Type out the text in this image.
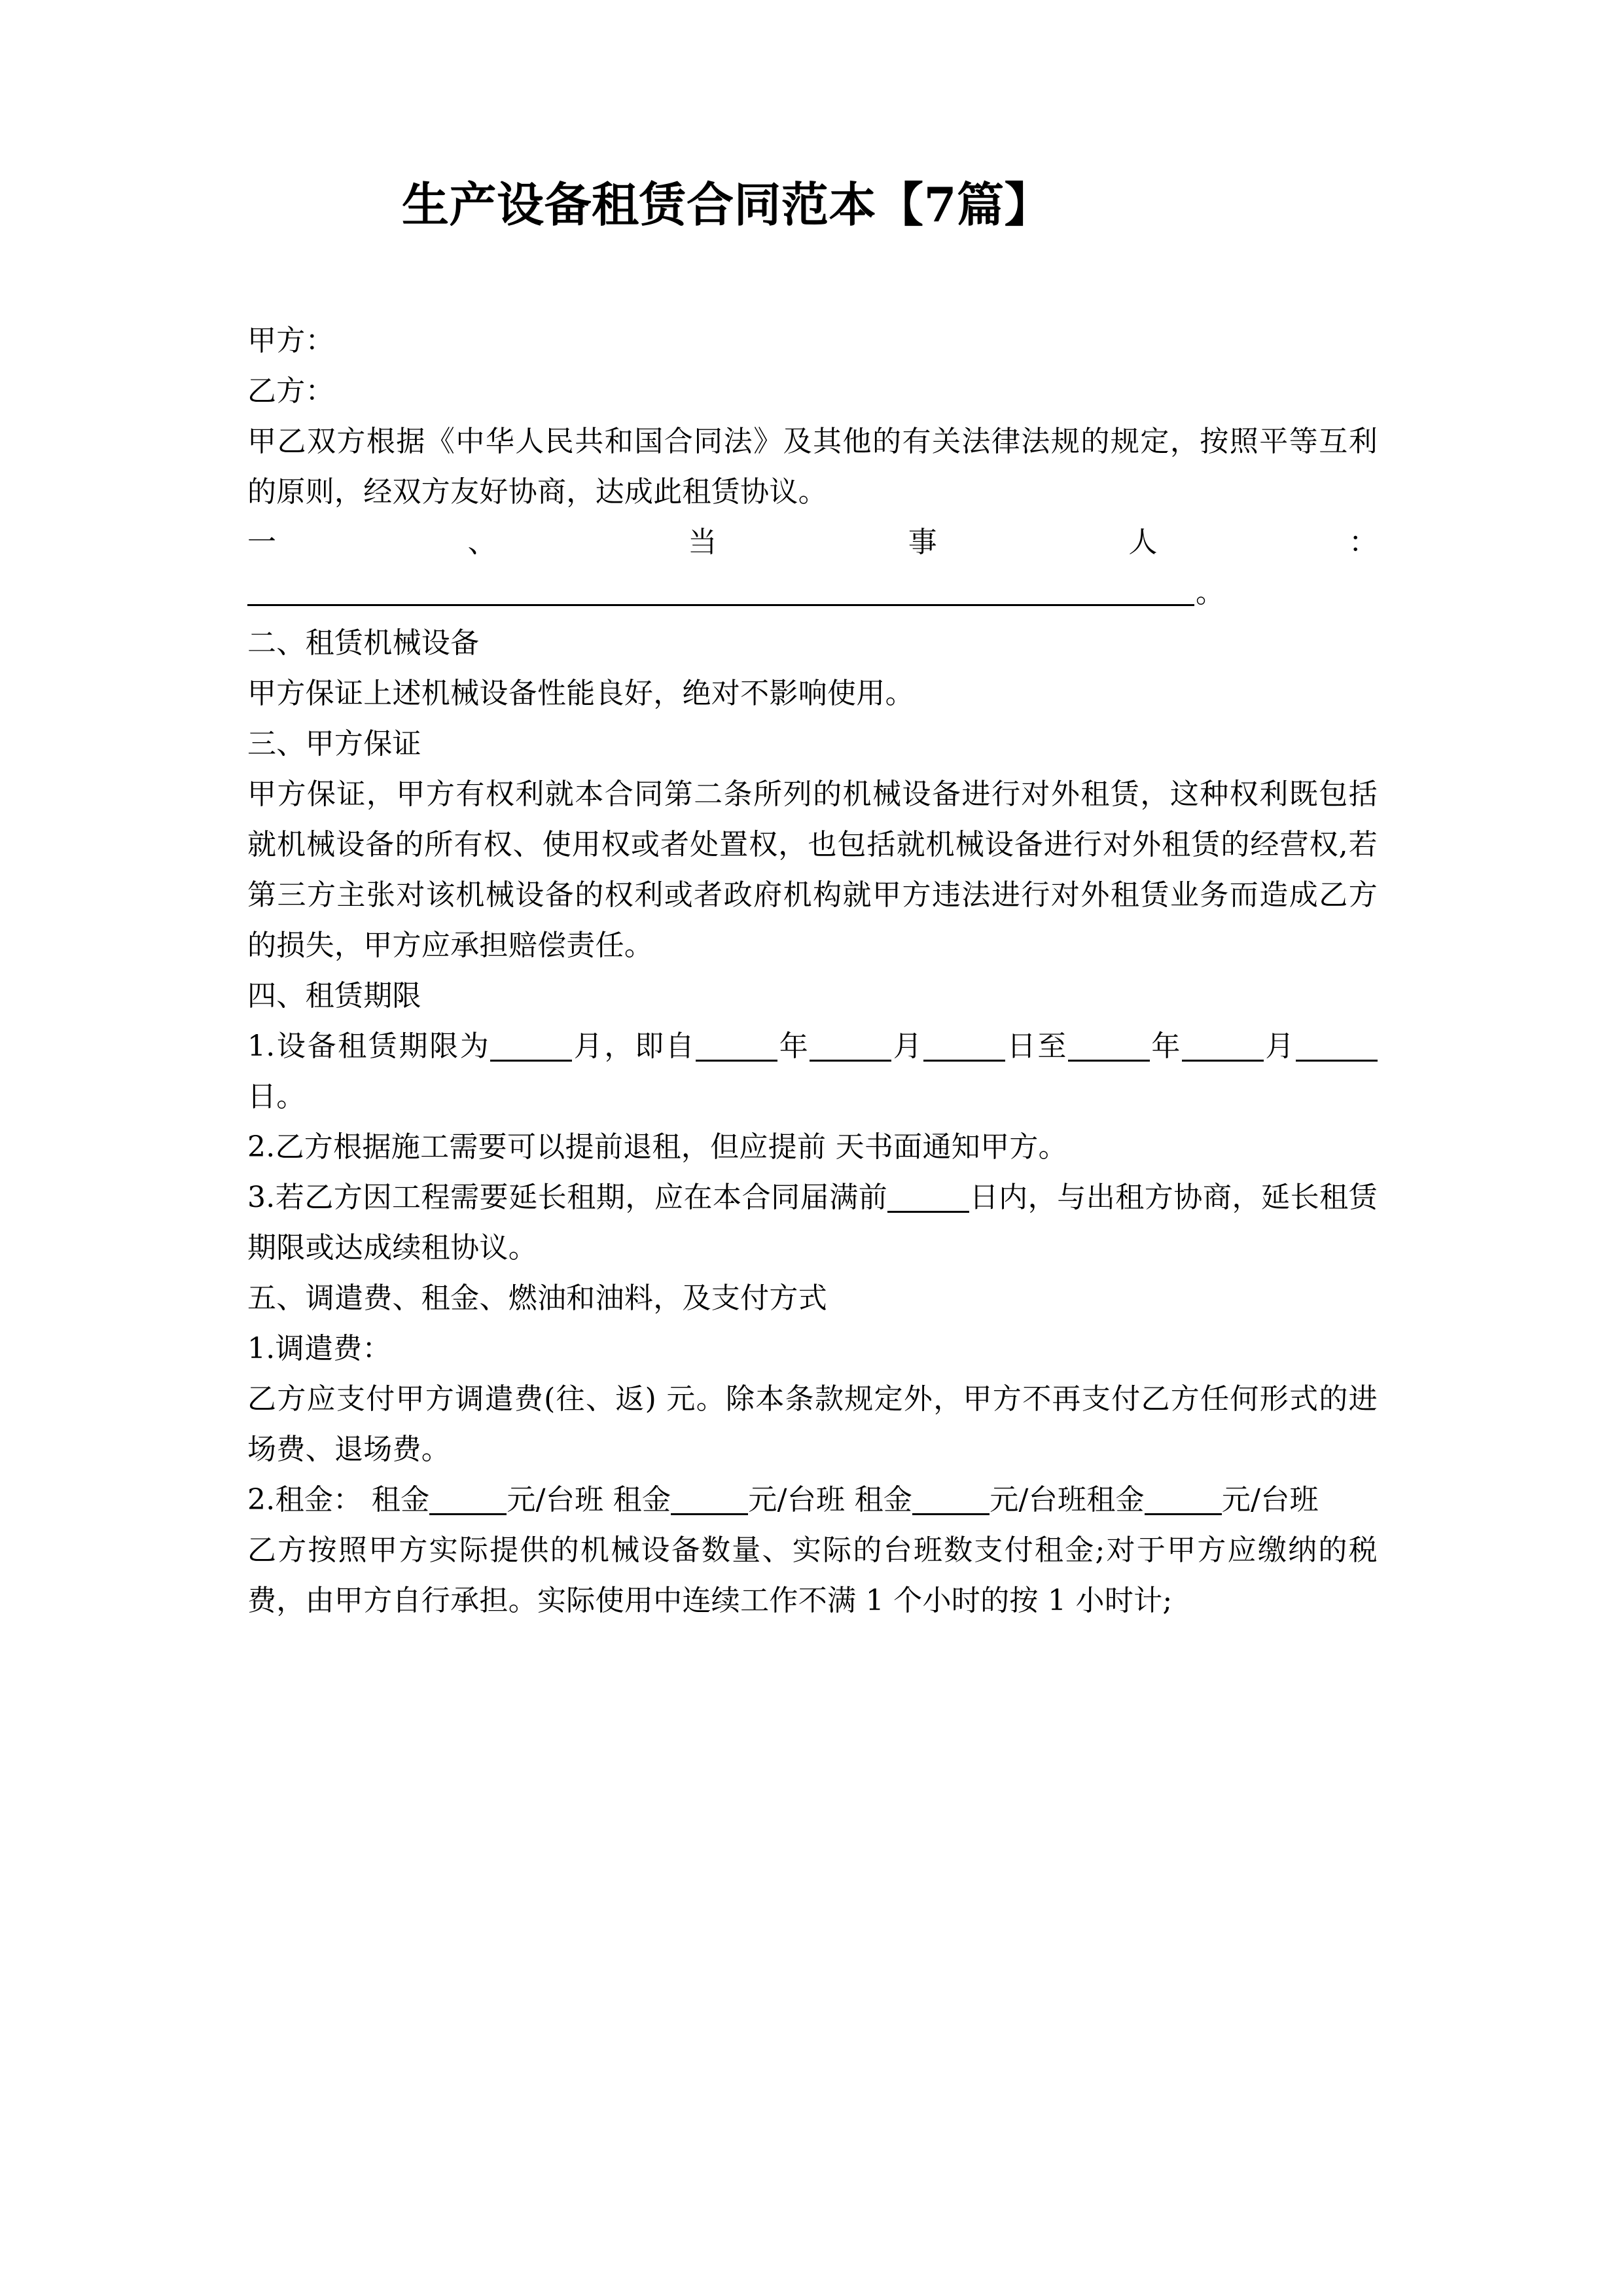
生产设备租赁合同范本【7篇】

甲方：

乙方：

甲乙双方根据《中华人民共和国合同法》及其他的有关法律法规的规定，按照平等互利的原则，经双方友好协商，达成此租赁协议。

一	、	当	事	人	：

。

二、租赁机械设备

甲方保证上述机械设备性能良好，绝对不影响使用。

三、甲方保证

甲方保证，甲方有权利就本合同第二条所列的机械设备进行对外租赁，这种权利既包括就机械设备的所有权、使用权或者处置权，也包括就机械设备进行对外租赁的经营权,若第三方主张对该机械设备的权利或者政府机构就甲方违法进行对外租赁业务而造成乙方的损失，甲方应承担赔偿责任。

四、租赁期限

1.设备租赁期限为	月，即自	年	月	日至	年	月日。

2.乙方根据施工需要可以提前退租，但应提前 天书面通知甲方。

3.若乙方因工程需要延长租期，应在本合同届满前	日内，与出租方协商，延长租赁期限或达成续租协议。

五、调遣费、租金、燃油和油料，及支付方式

1.调遣费：

乙方应支付甲方调遣费(往、返) 元。除本条款规定外，甲方不再支付乙方任何形式的进场费、退场费。

2.租金： 租金	元/台班 租金	元/台班 租金	元/台班租金	元/台班

乙方按照甲方实际提供的机械设备数量、实际的台班数支付租金;对于甲方应缴纳的税费，由甲方自行承担。实际使用中连续工作不满 1 个小时的按 1 小时计;
